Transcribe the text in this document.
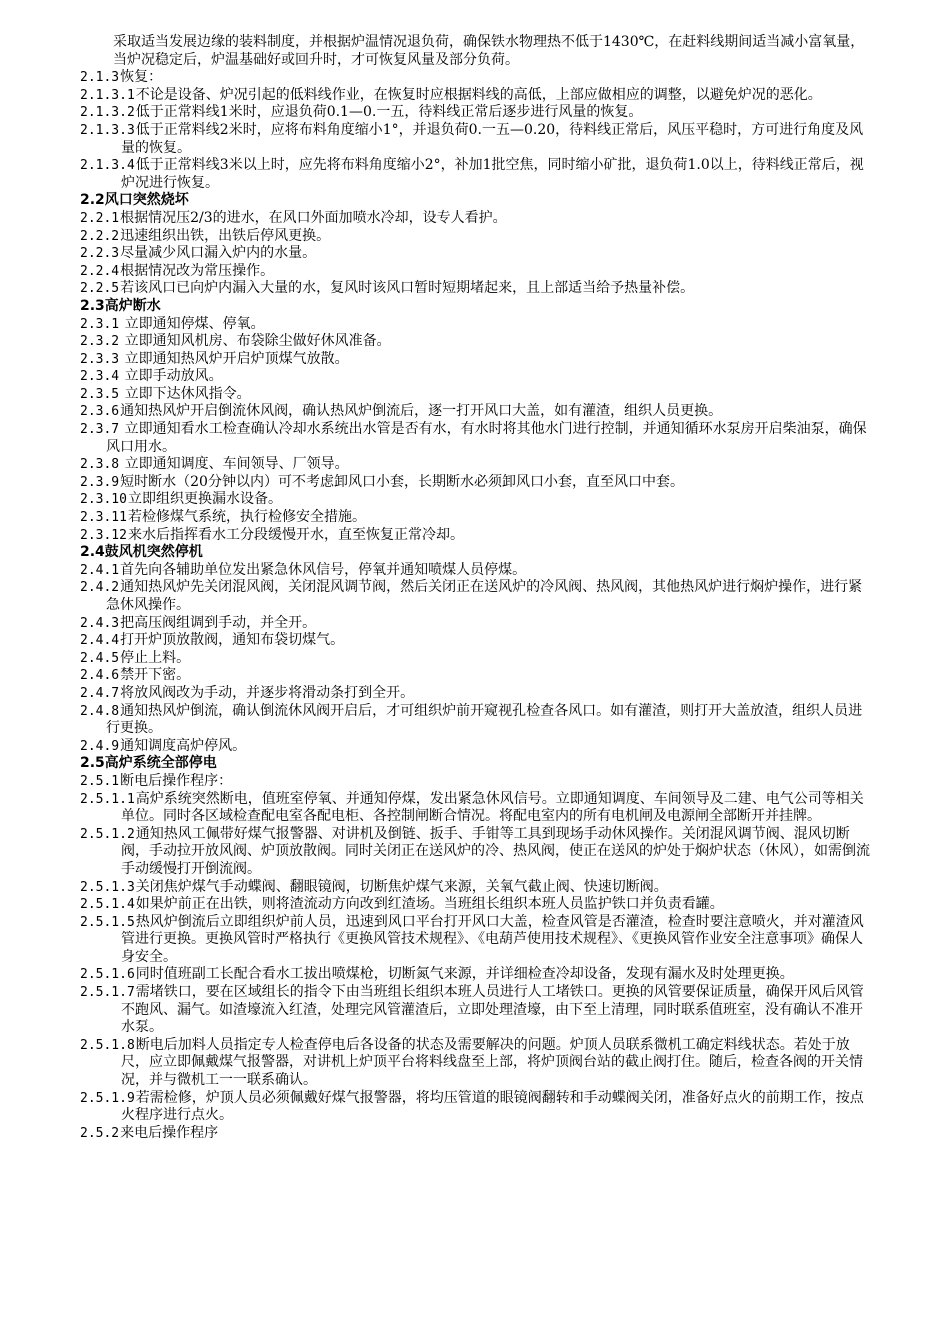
采取适当发展边缘的装料制度，并根据炉温情况退负荷，确保铁水物理热不低于1430℃，在赶料线期间适当减小富氧量，当炉况稳定后，炉温基础好或回升时，才可恢复风量及部分负荷。
2.1.3恢复：
2.1.3.1不论是设备、炉况引起的低料线作业，在恢复时应根据料线的高低，上部应做相应的调整，以避免炉况的恶化。
2.1.3.2低于正常料线1米时，应退负荷0.1—0.一五，待料线正常后逐步进行风量的恢复。
2.1.3.3低于正常料线2米时，应将布料角度缩小1°，并退负荷0.一五—0.20，待料线正常后，风压平稳时，方可进行角度及风量的恢复。
2.1.3.4低于正常料线3米以上时，应先将布料角度缩小2°，补加1批空焦，同时缩小矿批，退负荷1.0以上，待料线正常后，视炉况进行恢复。
2.2风口突然烧坏
2.2.1根据情况压2/3的进水，在风口外面加喷水冷却，设专人看护。
2.2.2迅速组织出铁，出铁后停风更换。
2.2.3尽量减少风口漏入炉内的水量。
2.2.4根据情况改为常压操作。
2.2.5若该风口已向炉内漏入大量的水，复风时该风口暂时短期堵起来，且上部适当给予热量补偿。
2.3高炉断水
2.3.1 立即通知停煤、停氧。
2.3.2 立即通知风机房、布袋除尘做好休风准备。
2.3.3 立即通知热风炉开启炉顶煤气放散。
2.3.4 立即手动放风。
2.3.5 立即下达休风指令。
2.3.6通知热风炉开启倒流休风阀，确认热风炉倒流后，逐一打开风口大盖，如有灌渣，组织人员更换。
2.3.7 立即通知看水工检查确认冷却水系统出水管是否有水，有水时将其他水门进行控制，并通知循环水泵房开启柴油泵，确保风口用水。
2.3.8 立即通知调度、车间领导、厂领导。
2.3.9短时断水（20分钟以内）可不考虑卸风口小套，长期断水必须卸风口小套，直至风口中套。
2.3.10立即组织更换漏水设备。
2.3.11若检修煤气系统，执行检修安全措施。
2.3.12来水后指挥看水工分段缓慢开水，直至恢复正常冷却。
2.4鼓风机突然停机
2.4.1首先向各辅助单位发出紧急休风信号，停氧并通知喷煤人员停煤。
2.4.2通知热风炉先关闭混风阀，关闭混风调节阀，然后关闭正在送风炉的冷风阀、热风阀，其他热风炉进行焖炉操作，进行紧急休风操作。
2.4.3把高压阀组调到手动，并全开。
2.4.4打开炉顶放散阀，通知布袋切煤气。
2.4.5停止上料。
2.4.6禁开下密。
2.4.7将放风阀改为手动，并逐步将滑动条打到全开。
2.4.8通知热风炉倒流，确认倒流休风阀开启后，才可组织炉前开窥视孔检查各风口。如有灌渣，则打开大盖放渣，组织人员进行更换。
2.4.9通知调度高炉停风。
2.5高炉系统全部停电
2.5.1断电后操作程序：
2.5.1.1高炉系统突然断电，值班室停氧、并通知停煤，发出紧急休风信号。立即通知调度、车间领导及二建、电气公司等相关单位。同时各区域检查配电室各配电柜、各控制闸断合情况。将配电室内的所有电机闸及电源闸全部断开并挂牌。
2.5.1.2通知热风工佩带好煤气报警器、对讲机及倒链、扳手、手钳等工具到现场手动休风操作。关闭混风调节阀、混风切断阀，手动拉开放风阀、炉顶放散阀。同时关闭正在送风炉的冷、热风阀，使正在送风的炉处于焖炉状态（休风），如需倒流手动缓慢打开倒流阀。
2.5.1.3关闭焦炉煤气手动蝶阀、翻眼镜阀，切断焦炉煤气来源，关氧气截止阀、快速切断阀。
2.5.1.4如果炉前正在出铁，则将渣流动方向改到红渣场。当班组长组织本班人员监护铁口并负责看罐。
2.5.1.5热风炉倒流后立即组织炉前人员，迅速到风口平台打开风口大盖，检查风管是否灌渣，检查时要注意喷火，并对灌渣风管进行更换。更换风管时严格执行《更换风管技术规程》、《电葫芦使用技术规程》、《更换风管作业安全注意事项》确保人身安全。
2.5.1.6同时值班副工长配合看水工拔出喷煤枪，切断氮气来源，并详细检查冷却设备，发现有漏水及时处理更换。
2.5.1.7需堵铁口，要在区域组长的指令下由当班组长组织本班人员进行人工堵铁口。更换的风管要保证质量，确保开风后风管不跑风、漏气。如渣壕流入红渣，处理完风管灌渣后，立即处理渣壕，由下至上清理，同时联系值班室，没有确认不准开水泵。
2.5.1.8断电后加料人员指定专人检查停电后各设备的状态及需要解决的问题。炉顶人员联系微机工确定料线状态。若处于放尺，应立即佩戴煤气报警器，对讲机上炉顶平台将料线盘至上部，将炉顶阀台站的截止阀打住。随后，检查各阀的开关情况，并与微机工一一联系确认。
2.5.1.9若需检修，炉顶人员必须佩戴好煤气报警器，将均压管道的眼镜阀翻转和手动蝶阀关闭，准备好点火的前期工作，按点火程序进行点火。
2.5.2来电后操作程序
